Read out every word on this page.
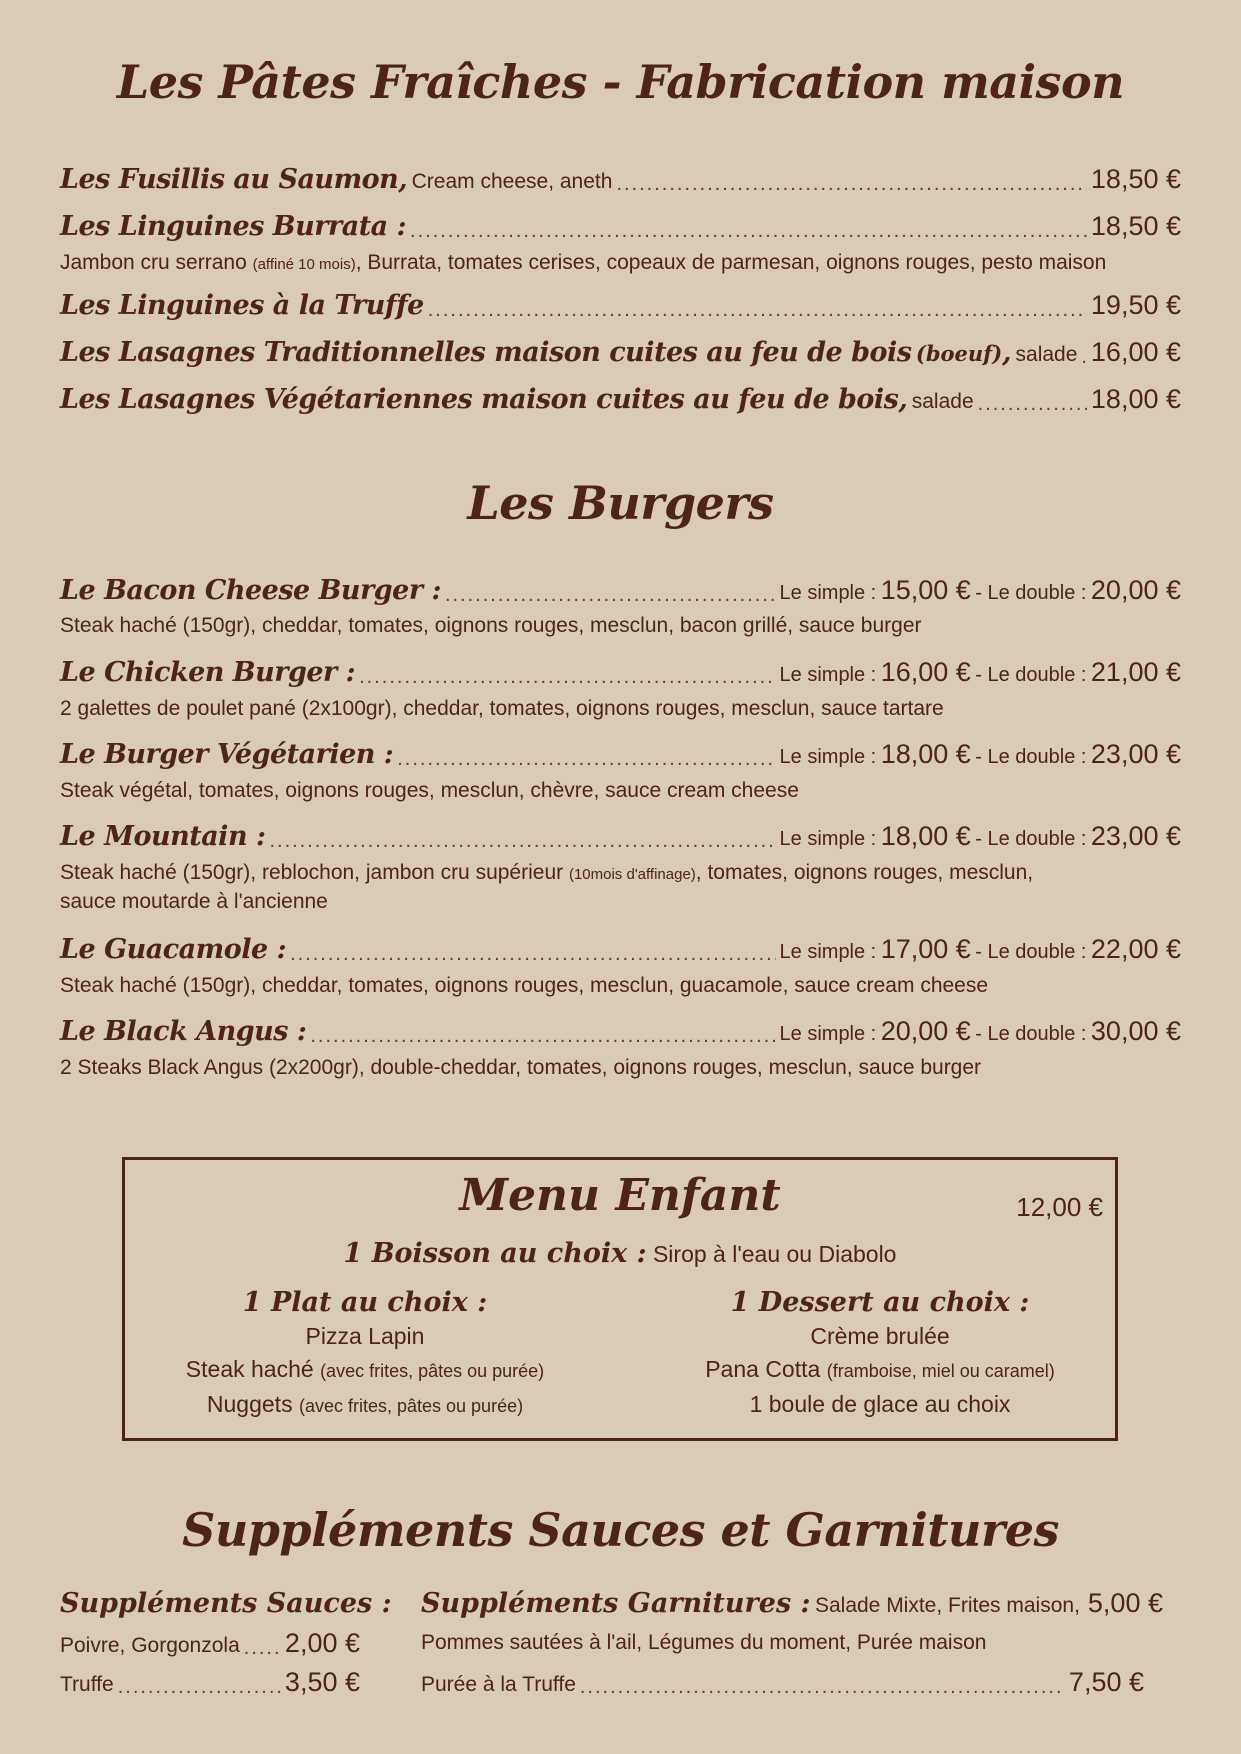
Les Pâtes Fraîches - Fabrication maison
Les Fusillis au Saumon,
Cream cheese, aneth .....	18,50 €
Les Linguines Burrata : .....	18,50 €
Jambon cru serrano (affiné 10 mois), Burrata, tomates cerises, copeaux de parmesan, oignons rouges, pesto maison
Les Linguines à la Truffe .....	19,50 €
Les Lasagnes Traditionnelles maison cuites au feu de bois
(boeuf) ,
salade ..... 16,00 €
Les Lasagnes Végétariennes maison cuites au feu de bois,
salade .....	18,00 €
Les Burgers
Le Bacon Cheese Burger : .....	Le simple : 15,00 € - Le double : 20,00 €
Steak haché (150gr), cheddar, tomates, oignons rouges, mesclun, bacon grillé, sauce burger
Le Chicken Burger : .....	Le simple : 16,00 € - Le double : 21,00 €
2 galettes de poulet pané (2x100gr), cheddar, tomates, oignons rouges, mesclun, sauce tartare
Le Burger Végétarien : .....	Le simple : 18,00 € - Le double : 23,00 €
Steak végétal, tomates, oignons rouges, mesclun, chèvre, sauce cream cheese
Le Mountain : .....	Le simple : 18,00 € - Le double : 23,00 €
Steak haché (150gr), reblochon, jambon cru supérieur (10mois d'affinage), tomates, oignons rouges, mesclun,
sauce moutarde à l'ancienne
Le Guacamole : .....	Le simple : 17,00 € - Le double : 22,00 €
Steak haché (150gr), cheddar, tomates, oignons rouges, mesclun, guacamole, sauce cream cheese
Le Black Angus : .....	Le simple : 20,00 € - Le double : 30,00 €
2 Steaks Black Angus (2x200gr), double-cheddar, tomates, oignons rouges, mesclun, sauce burger
Menu Enfant	12,00 €
1 Boisson au choix : Sirop à l'eau ou Diabolo
1 Plat au choix :
Pizza Lapin
Steak haché (avec frites, pâtes ou purée)
Nuggets (avec frites, pâtes ou purée)
1 Dessert au choix :
Crème brulée
Pana Cotta (framboise, miel ou caramel)
1 boule de glace au choix
Suppléments Sauces et Garnitures
Suppléments Sauces :
Poivre, Gorgonzola ..... 2,00 €
Truffe .....	3,50 €
Suppléments Garnitures :
Salade Mixte, Frites maison, 5,00 €
Pommes sautées à l'ail, Légumes du moment, Purée maison
Purée à la Truffe .....	7,50 €
